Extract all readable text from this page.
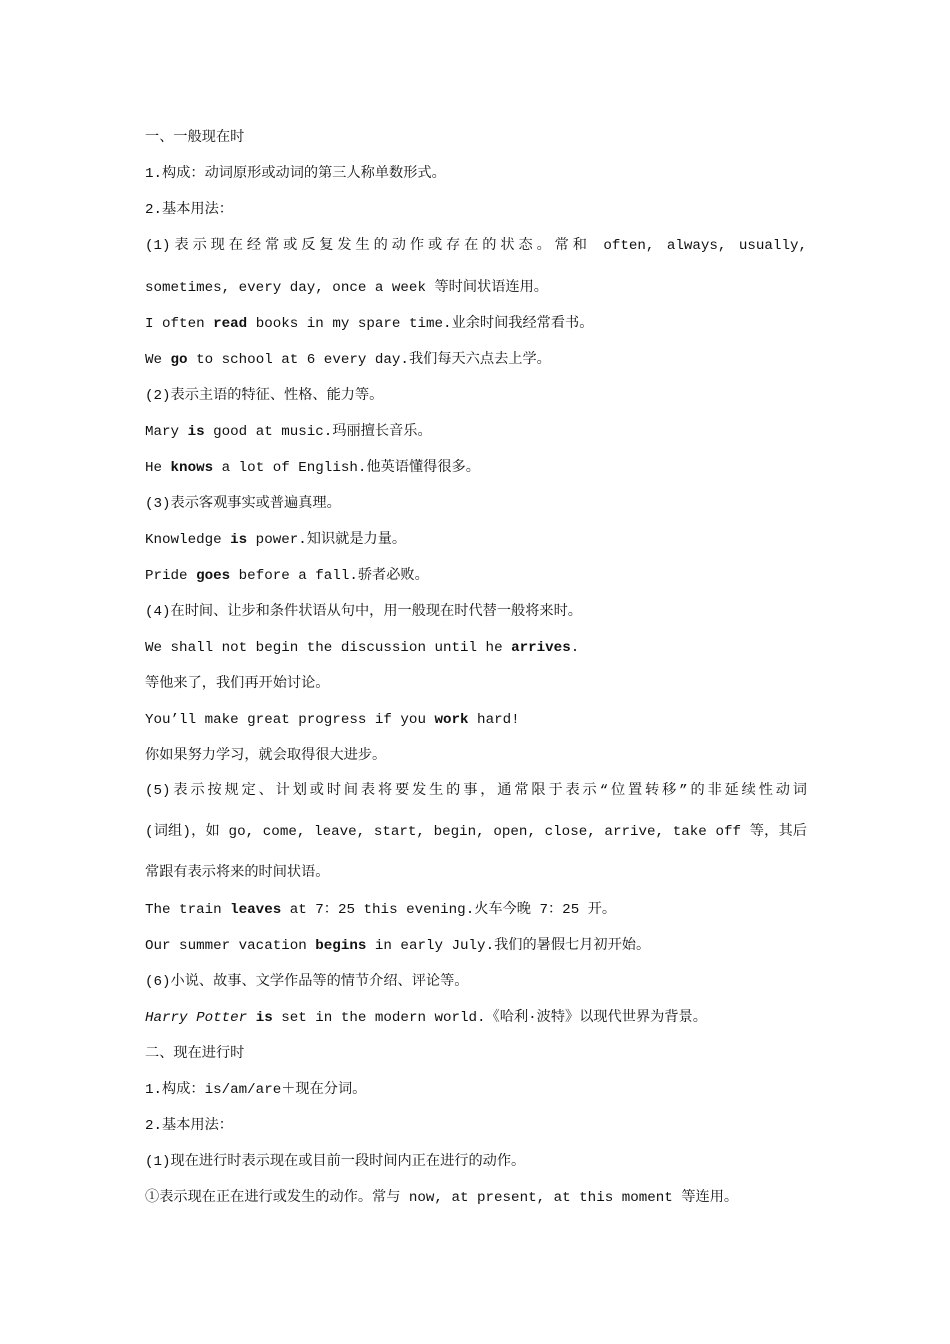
一、一般现在时
1.构成：动词原形或动词的第三人称单数形式。
2.基本用法：
(1)表示现在经常或反复发生的动作或存在的状态。常和 often, always, usually,
sometimes, every day, once a week 等时间状语连用。
I often read books in my spare time.业余时间我经常看书。
We go to school at 6 every day.我们每天六点去上学。
(2)表示主语的特征、性格、能力等。
Mary is good at music.玛丽擅长音乐。
He knows a lot of English.他英语懂得很多。
(3)表示客观事实或普遍真理。
Knowledge is power.知识就是力量。
Pride goes before a fall.骄者必败。
(4)在时间、让步和条件状语从句中，用一般现在时代替一般将来时。
We shall not begin the discussion until he arrives.
等他来了，我们再开始讨论。
You’ll make great progress if you work hard!
你如果努力学习，就会取得很大进步。
(5)表示按规定、计划或时间表将要发生的事，通常限于表示“位置转移”的非延续性动词
(词组)，如 go, come, leave, start, begin, open, close, arrive, take off 等，其后
常跟有表示将来的时间状语。
The train leaves at 7：25 this evening.火车今晚 7：25 开。
Our summer vacation begins in early July.我们的暑假七月初开始。
(6)小说、故事、文学作品等的情节介绍、评论等。
Harry Potter is set in the modern world.《哈利·波特》以现代世界为背景。
二、现在进行时
1.构成：is/am/are＋现在分词。
2.基本用法：
(1)现在进行时表示现在或目前一段时间内正在进行的动作。
①表示现在正在进行或发生的动作。常与 now, at present, at this moment 等连用。
